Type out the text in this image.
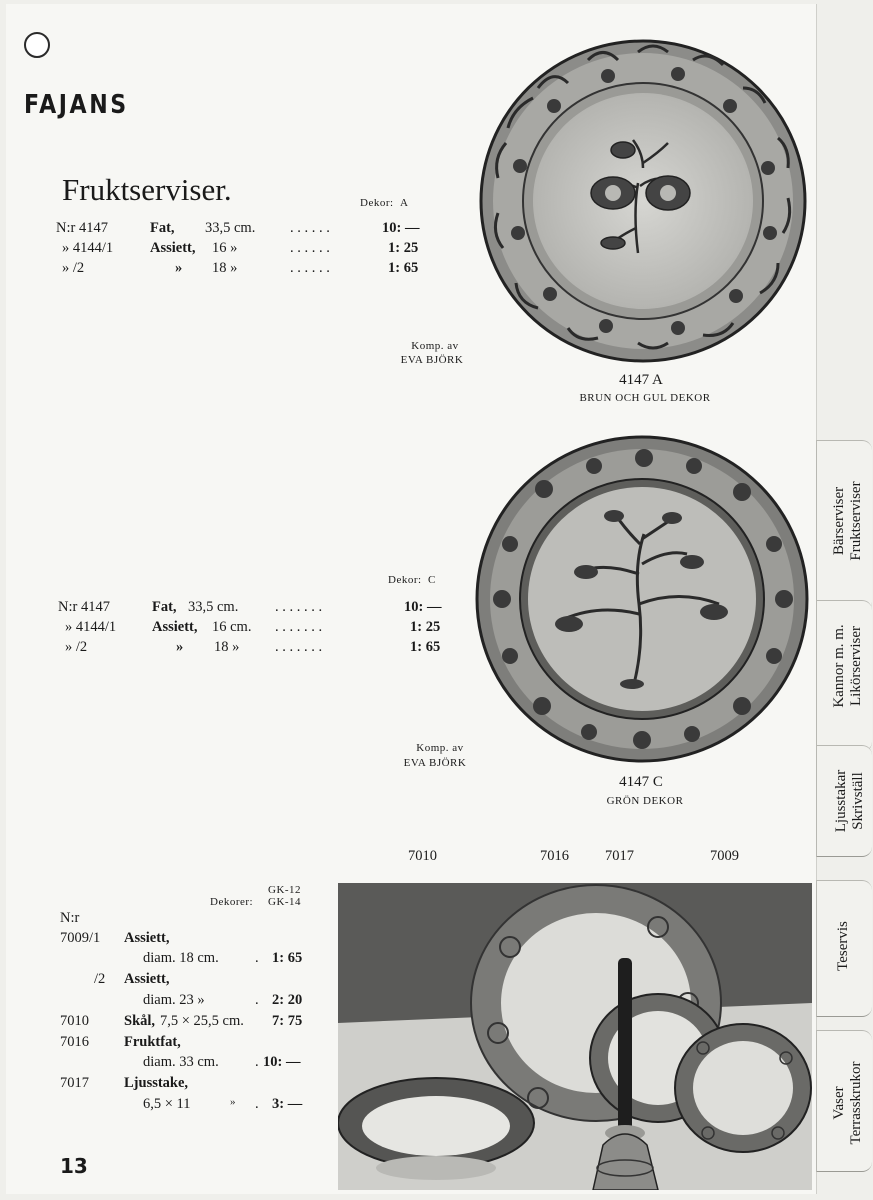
FAJANS
Fruktserviser.	Dekor: A
N:r 4147	Fat, 33,5 cm. . . . . . .	10: —
» 4144/1	Assiett, 16 »	. . . . . .	1: 25
» /2	» 18 »	. . . . . .	1: 65
Komp. av
EVA BJÖRK
4147 A
BRUN OCH GUL DEKOR
Dekor: C
N:r 4147	Fat, 33,5 cm.	. . . . . . .	10: —
» 4144/1 Assiett, 16 cm. . . . . . . .	1: 25
» /2	» 18 » . . . . . . .	1: 65
Komp. av
EVA BJÖRK
4147 C
GRÖN DEKOR
7010	7016 7017	7009
GK-12
Dekorer: GK-14
N:r
7009/1 Assiett,
diam. 18 cm.	. 1: 65
/2 Assiett,
diam. 23 »	. 2: 20
7010 Skål, 7,5 × 25,5 cm. 7: 75
7016 Fruktfat,
diam. 33 cm.	. 10: —
7017 Ljusstake,
6,5 × 11	» . 3: —
13
Bärserviser Fruktserviser
Kannor m. m. Likörserviser
Ljusstakar Skrivställ
Teservis
Vaser Terrasskrukor
